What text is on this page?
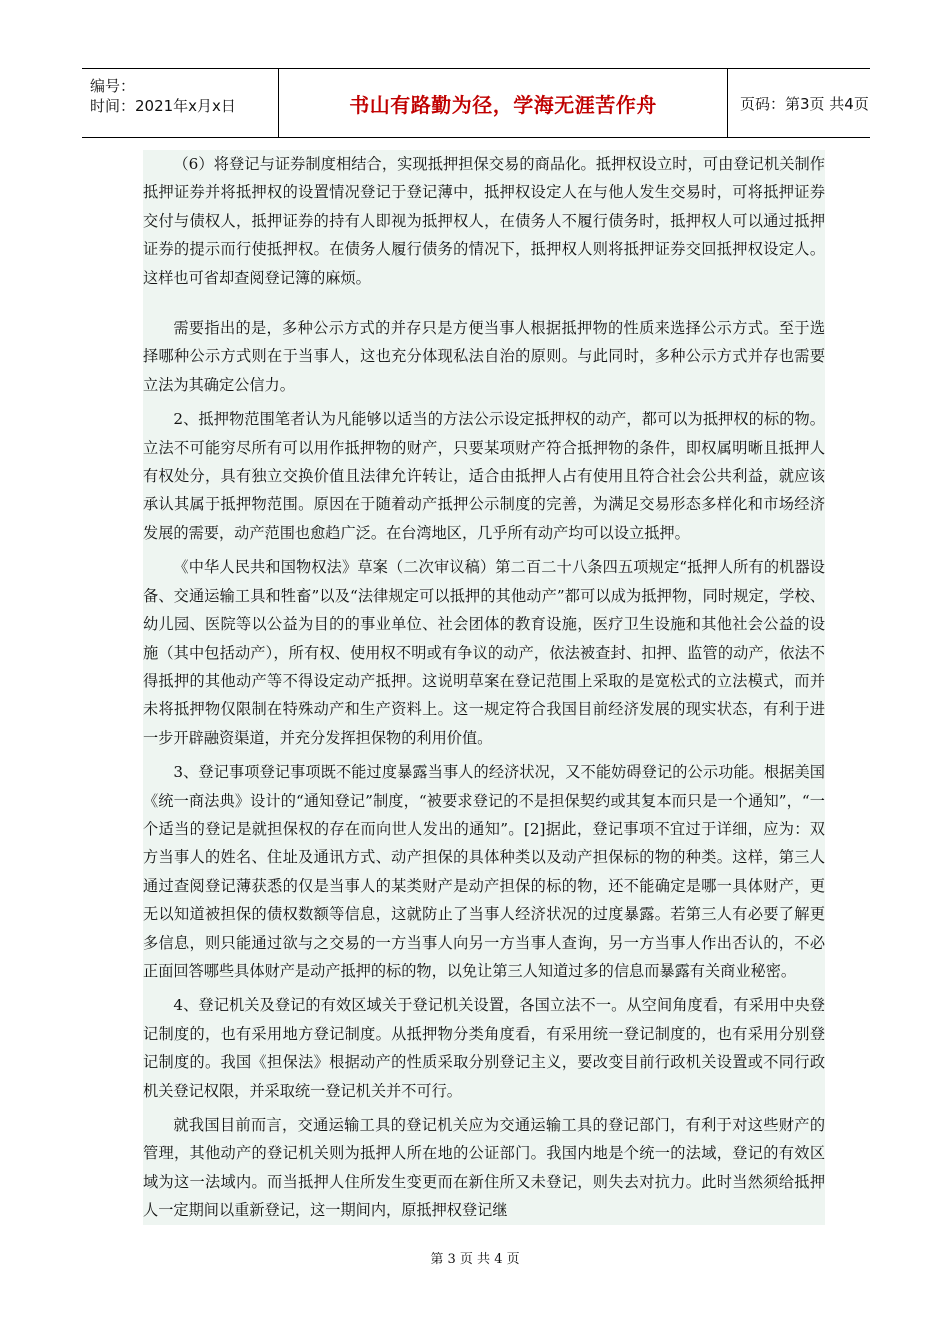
编号：
时间：2021年x月x日	书山有路勤为径，学海无涯苦作舟	页码：第3页 共4页

（6）将登记与证券制度相结合，实现抵押担保交易的商品化。抵押权设立时，可由登记机关制作抵押证券并将抵押权的设置情况登记于登记薄中，抵押权设定人在与他人发生交易时，可将抵押证券交付与债权人，抵押证券的持有人即视为抵押权人，在债务人不履行债务时，抵押权人可以通过抵押证券的提示而行使抵押权。在债务人履行债务的情况下，抵押权人则将抵押证券交回抵押权设定人。这样也可省却查阅登记簿的麻烦。

需要指出的是，多种公示方式的并存只是方便当事人根据抵押物的性质来选择公示方式。至于选择哪种公示方式则在于当事人，这也充分体现私法自治的原则。与此同时，多种公示方式并存也需要立法为其确定公信力。

2、抵押物范围笔者认为凡能够以适当的方法公示设定抵押权的动产，都可以为抵押权的标的物。立法不可能穷尽所有可以用作抵押物的财产，只要某项财产符合抵押物的条件，即权属明晰且抵押人有权处分，具有独立交换价值且法律允许转让，适合由抵押人占有使用且符合社会公共利益，就应该承认其属于抵押物范围。原因在于随着动产抵押公示制度的完善，为满足交易形态多样化和市场经济发展的需要，动产范围也愈趋广泛。在台湾地区，几乎所有动产均可以设立抵押。

《中华人民共和国物权法》草案（二次审议稿）第二百二十八条四五项规定“抵押人所有的机器设备、交通运输工具和牲畜”以及“法律规定可以抵押的其他动产”都可以成为抵押物，同时规定，学校、幼儿园、医院等以公益为目的的事业单位、社会团体的教育设施，医疗卫生设施和其他社会公益的设施（其中包括动产），所有权、使用权不明或有争议的动产，依法被查封、扣押、监管的动产，依法不得抵押的其他动产等不得设定动产抵押。这说明草案在登记范围上采取的是宽松式的立法模式，而并未将抵押物仅限制在特殊动产和生产资料上。这一规定符合我国目前经济发展的现实状态，有利于进一步开辟融资渠道，并充分发挥担保物的利用价值。

3、登记事项登记事项既不能过度暴露当事人的经济状况，又不能妨碍登记的公示功能。根据美国《统一商法典》设计的“通知登记”制度，“被要求登记的不是担保契约或其复本而只是一个通知”，“一个适当的登记是就担保权的存在而向世人发出的通知”。[2]据此，登记事项不宜过于详细，应为：双方当事人的姓名、住址及通讯方式、动产担保的具体种类以及动产担保标的物的种类。这样，第三人通过查阅登记薄获悉的仅是当事人的某类财产是动产担保的标的物，还不能确定是哪一具体财产，更无以知道被担保的债权数额等信息，这就防止了当事人经济状况的过度暴露。若第三人有必要了解更多信息，则只能通过欲与之交易的一方当事人向另一方当事人查询，另一方当事人作出否认的，不必正面回答哪些具体财产是动产抵押的标的物，以免让第三人知道过多的信息而暴露有关商业秘密。

4、登记机关及登记的有效区域关于登记机关设置，各国立法不一。从空间角度看，有采用中央登记制度的，也有采用地方登记制度。从抵押物分类角度看，有采用统一登记制度的，也有采用分别登记制度的。我国《担保法》根据动产的性质采取分别登记主义，要改变目前行政机关设置或不同行政机关登记权限，并采取统一登记机关并不可行。

就我国目前而言，交通运输工具的登记机关应为交通运输工具的登记部门，有利于对这些财产的管理，其他动产的登记机关则为抵押人所在地的公证部门。我国内地是个统一的法域，登记的有效区域为这一法域内。而当抵押人住所发生变更而在新住所又未登记，则失去对抗力。此时当然须给抵押人一定期间以重新登记，这一期间内，原抵押权登记继

第 3 页 共 4 页
